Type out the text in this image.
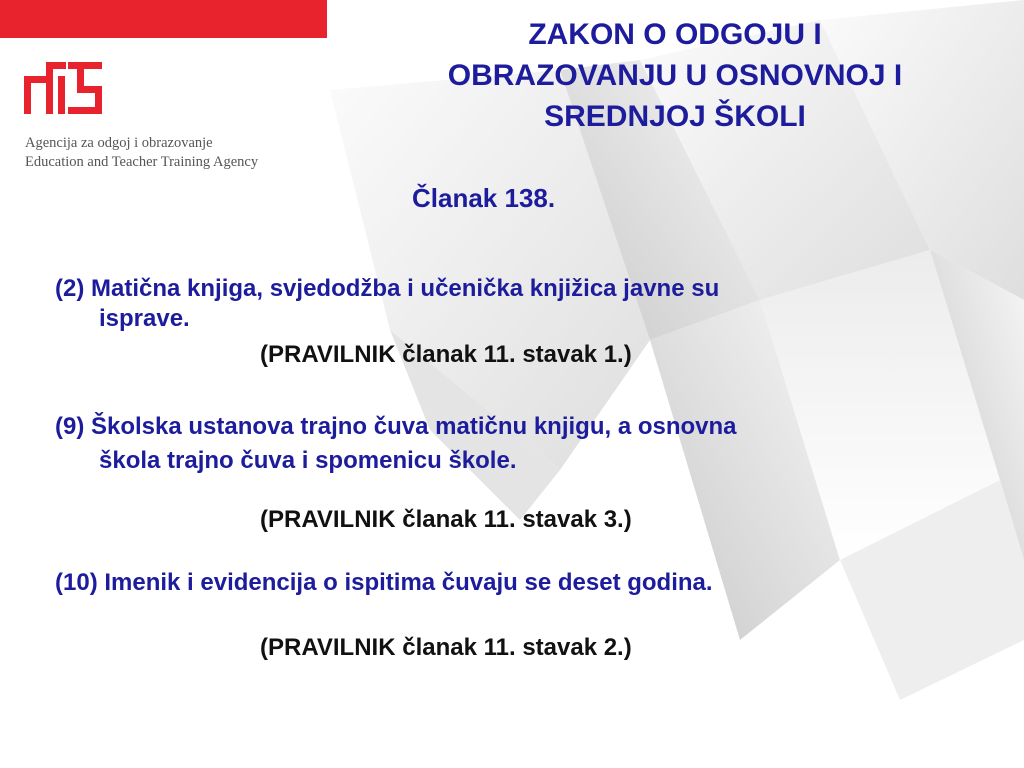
Agencija za odgoj i obrazovanje
Education and Teacher Training Agency
ZAKON O ODGOJU I
OBRAZOVANJU U OSNOVNOJ I
SREDNJOJ ŠKOLI
Članak 138.
(2) Matična knjiga, svjedodžba i učenička knjižica javne su
isprave.
(PRAVILNIK članak 11. stavak 1.)
(9) Školska ustanova trajno čuva matičnu knjigu, a osnovna
škola trajno čuva i spomenicu škole.
(PRAVILNIK članak 11. stavak 3.)
(10) Imenik i evidencija o ispitima čuvaju se deset godina.
(PRAVILNIK članak 11. stavak 2.)
